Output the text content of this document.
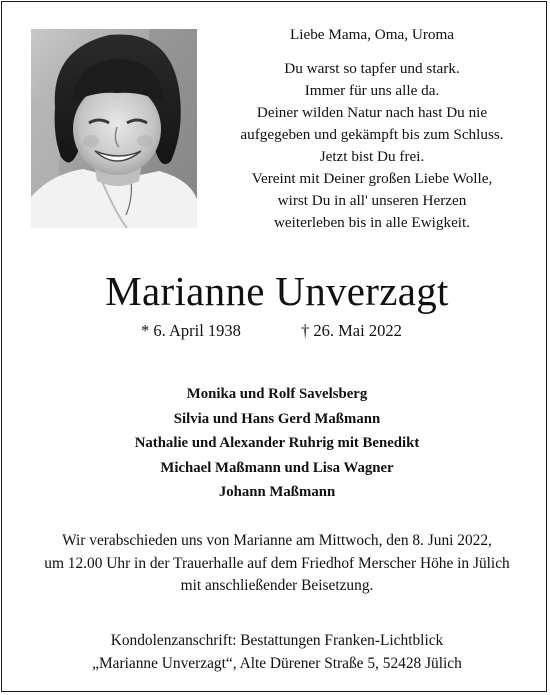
Liebe Mama, Oma, Uroma
Du warst so tapfer und stark.
Immer für uns alle da.
Deiner wilden Natur nach hast Du nie
aufgegeben und gekämpft bis zum Schluss.
Jetzt bist Du frei.
Vereint mit Deiner großen Liebe Wolle,
wirst Du in all' unseren Herzen
weiterleben bis in alle Ewigkeit.
Marianne Unverzagt
* 6. April 1938	† 26. Mai 2022
Monika und Rolf Savelsberg
Silvia und Hans Gerd Maßmann
Nathalie und Alexander Ruhrig mit Benedikt
Michael Maßmann und Lisa Wagner
Johann Maßmann
Wir verabschieden uns von Marianne am Mittwoch, den 8. Juni 2022,
um 12.00 Uhr in der Trauerhalle auf dem Friedhof Merscher Höhe in Jülich
mit anschließender Beisetzung.
Kondolenzanschrift: Bestattungen Franken-Lichtblick
„Marianne Unverzagt“, Alte Dürener Straße 5, 52428 Jülich
